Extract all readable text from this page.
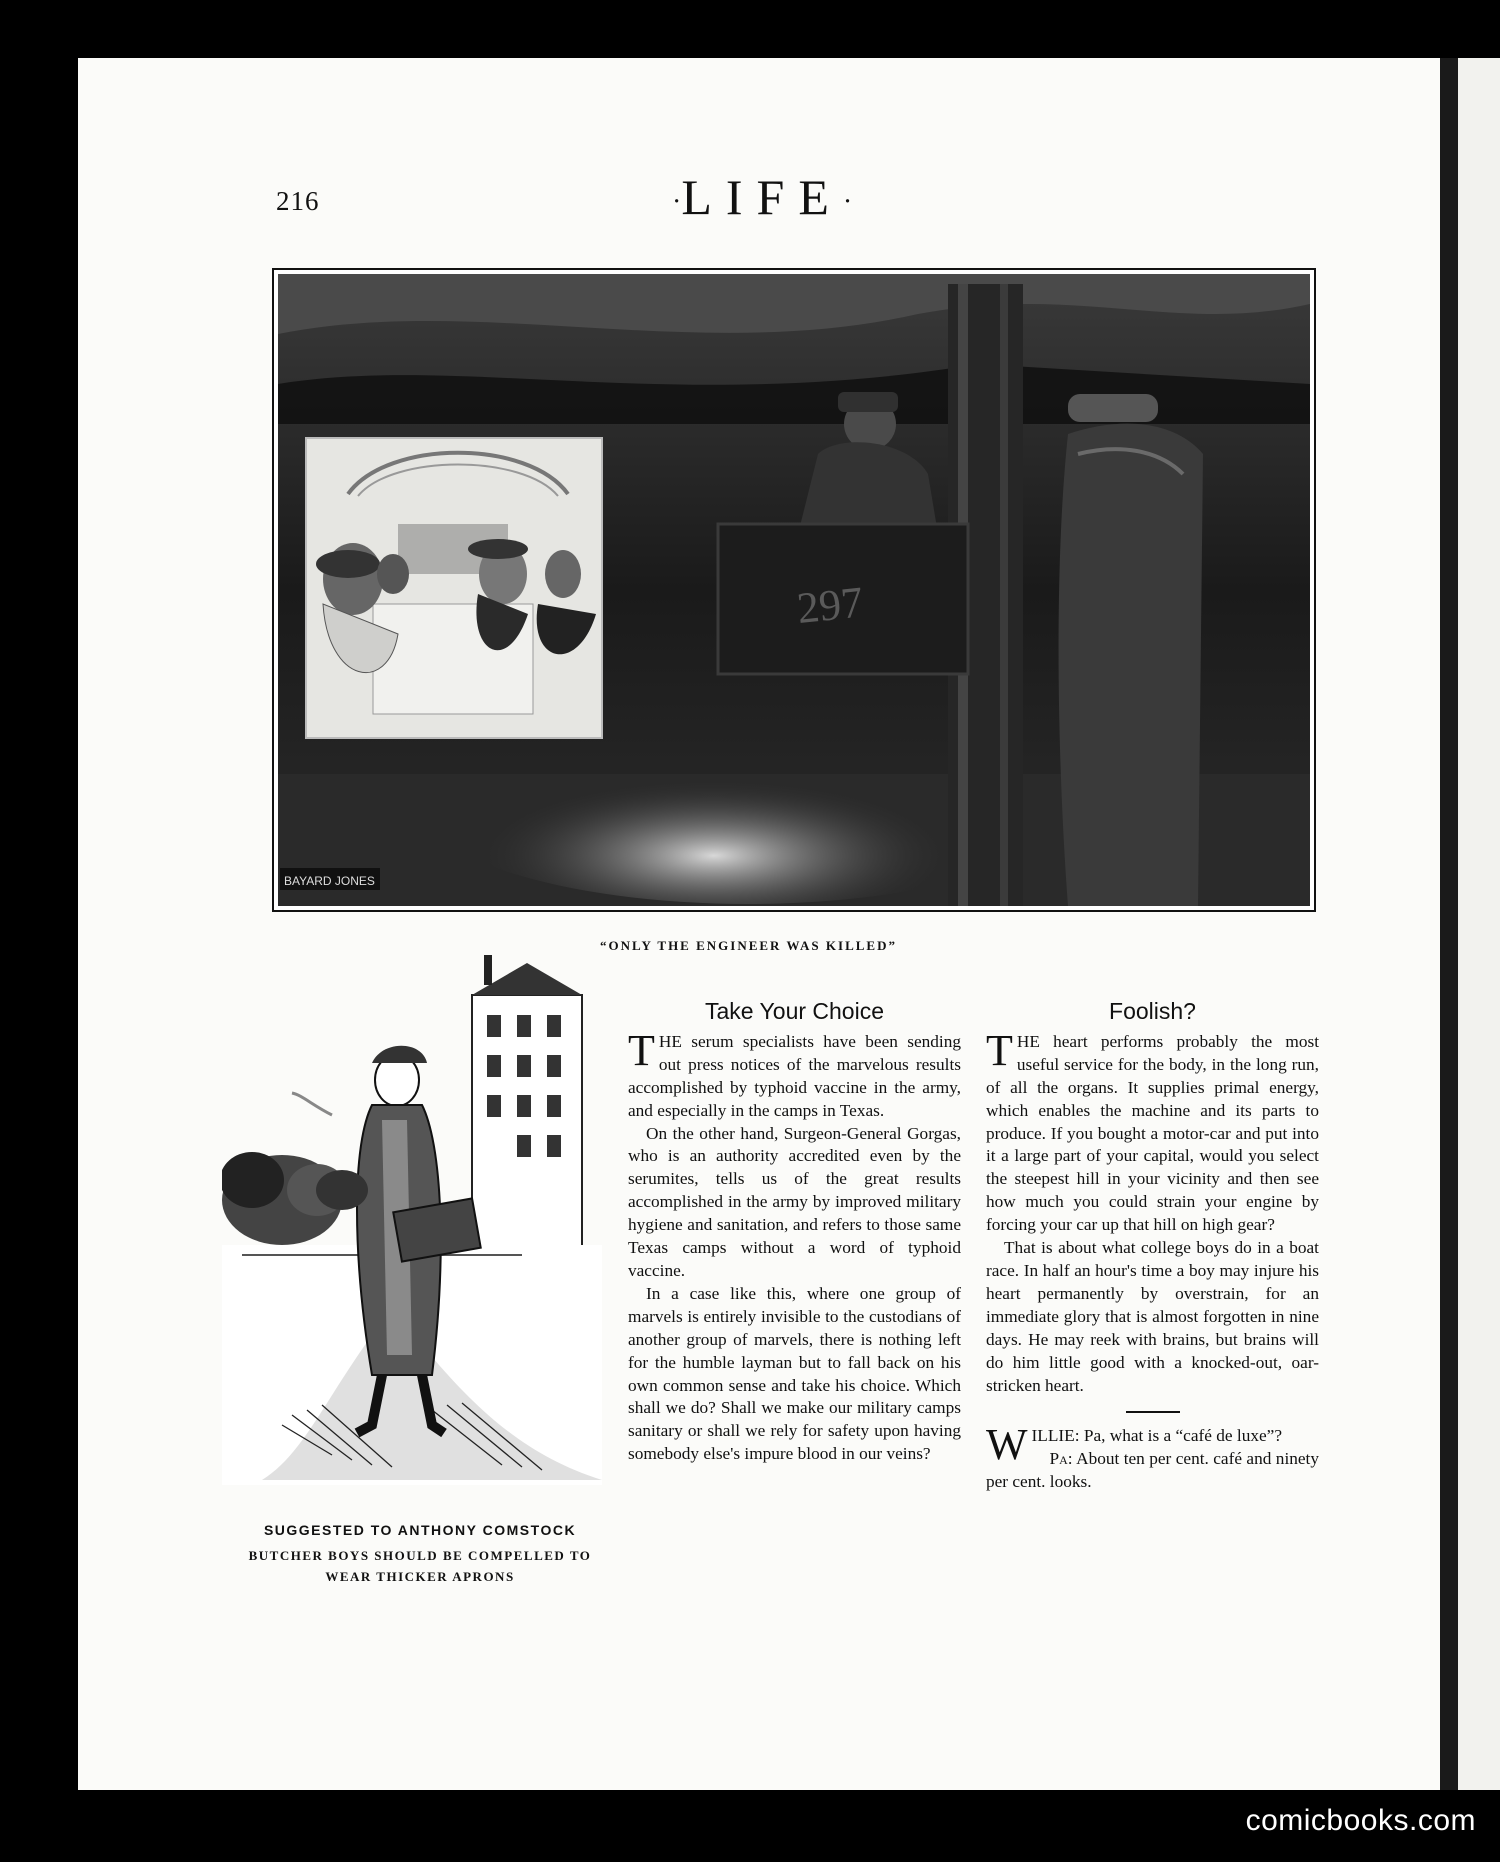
216	·LIFE·
297
BAYARD JONES
“ONLY THE ENGINEER WAS KILLED”
SUGGESTED TO ANTHONY COMSTOCK
BUTCHER BOYS SHOULD BE COMPELLED TO
WEAR THICKER APRONS
Take Your Choice

THE serum specialists have been sending out press notices of the marvelous results accomplished by typhoid vaccine in the army, and especially in the camps in Texas.

On the other hand, Surgeon-General Gorgas, who is an authority accredited even by the serumites, tells us of the great results accomplished in the army by improved military hygiene and sanitation, and refers to those same Texas camps without a word of typhoid vaccine.

In a case like this, where one group of marvels is entirely invisible to the custodians of another group of marvels, there is nothing left for the humble layman but to fall back on his own common sense and take his choice. Which shall we do? Shall we make our military camps sanitary or shall we rely for safety upon having somebody else's impure blood in our veins?

Foolish?

THE heart performs probably the most useful service for the body, in the long run, of all the organs. It supplies primal energy, which enables the machine and its parts to produce. If you bought a motor-car and put into it a large part of your capital, would you select the steepest hill in your vicinity and then see how much you could strain your engine by forcing your car up that hill on high gear?

That is about what college boys do in a boat race. In half an hour's time a boy may injure his heart permanently by overstrain, for an immediate glory that is almost forgotten in nine days. He may reek with brains, but brains will do him little good with a knocked-out, oar-stricken heart.

WILLIE: Pa, what is a “café de luxe”?

Pa: About ten per cent. café and ninety per cent. looks.

comicbooks.com
